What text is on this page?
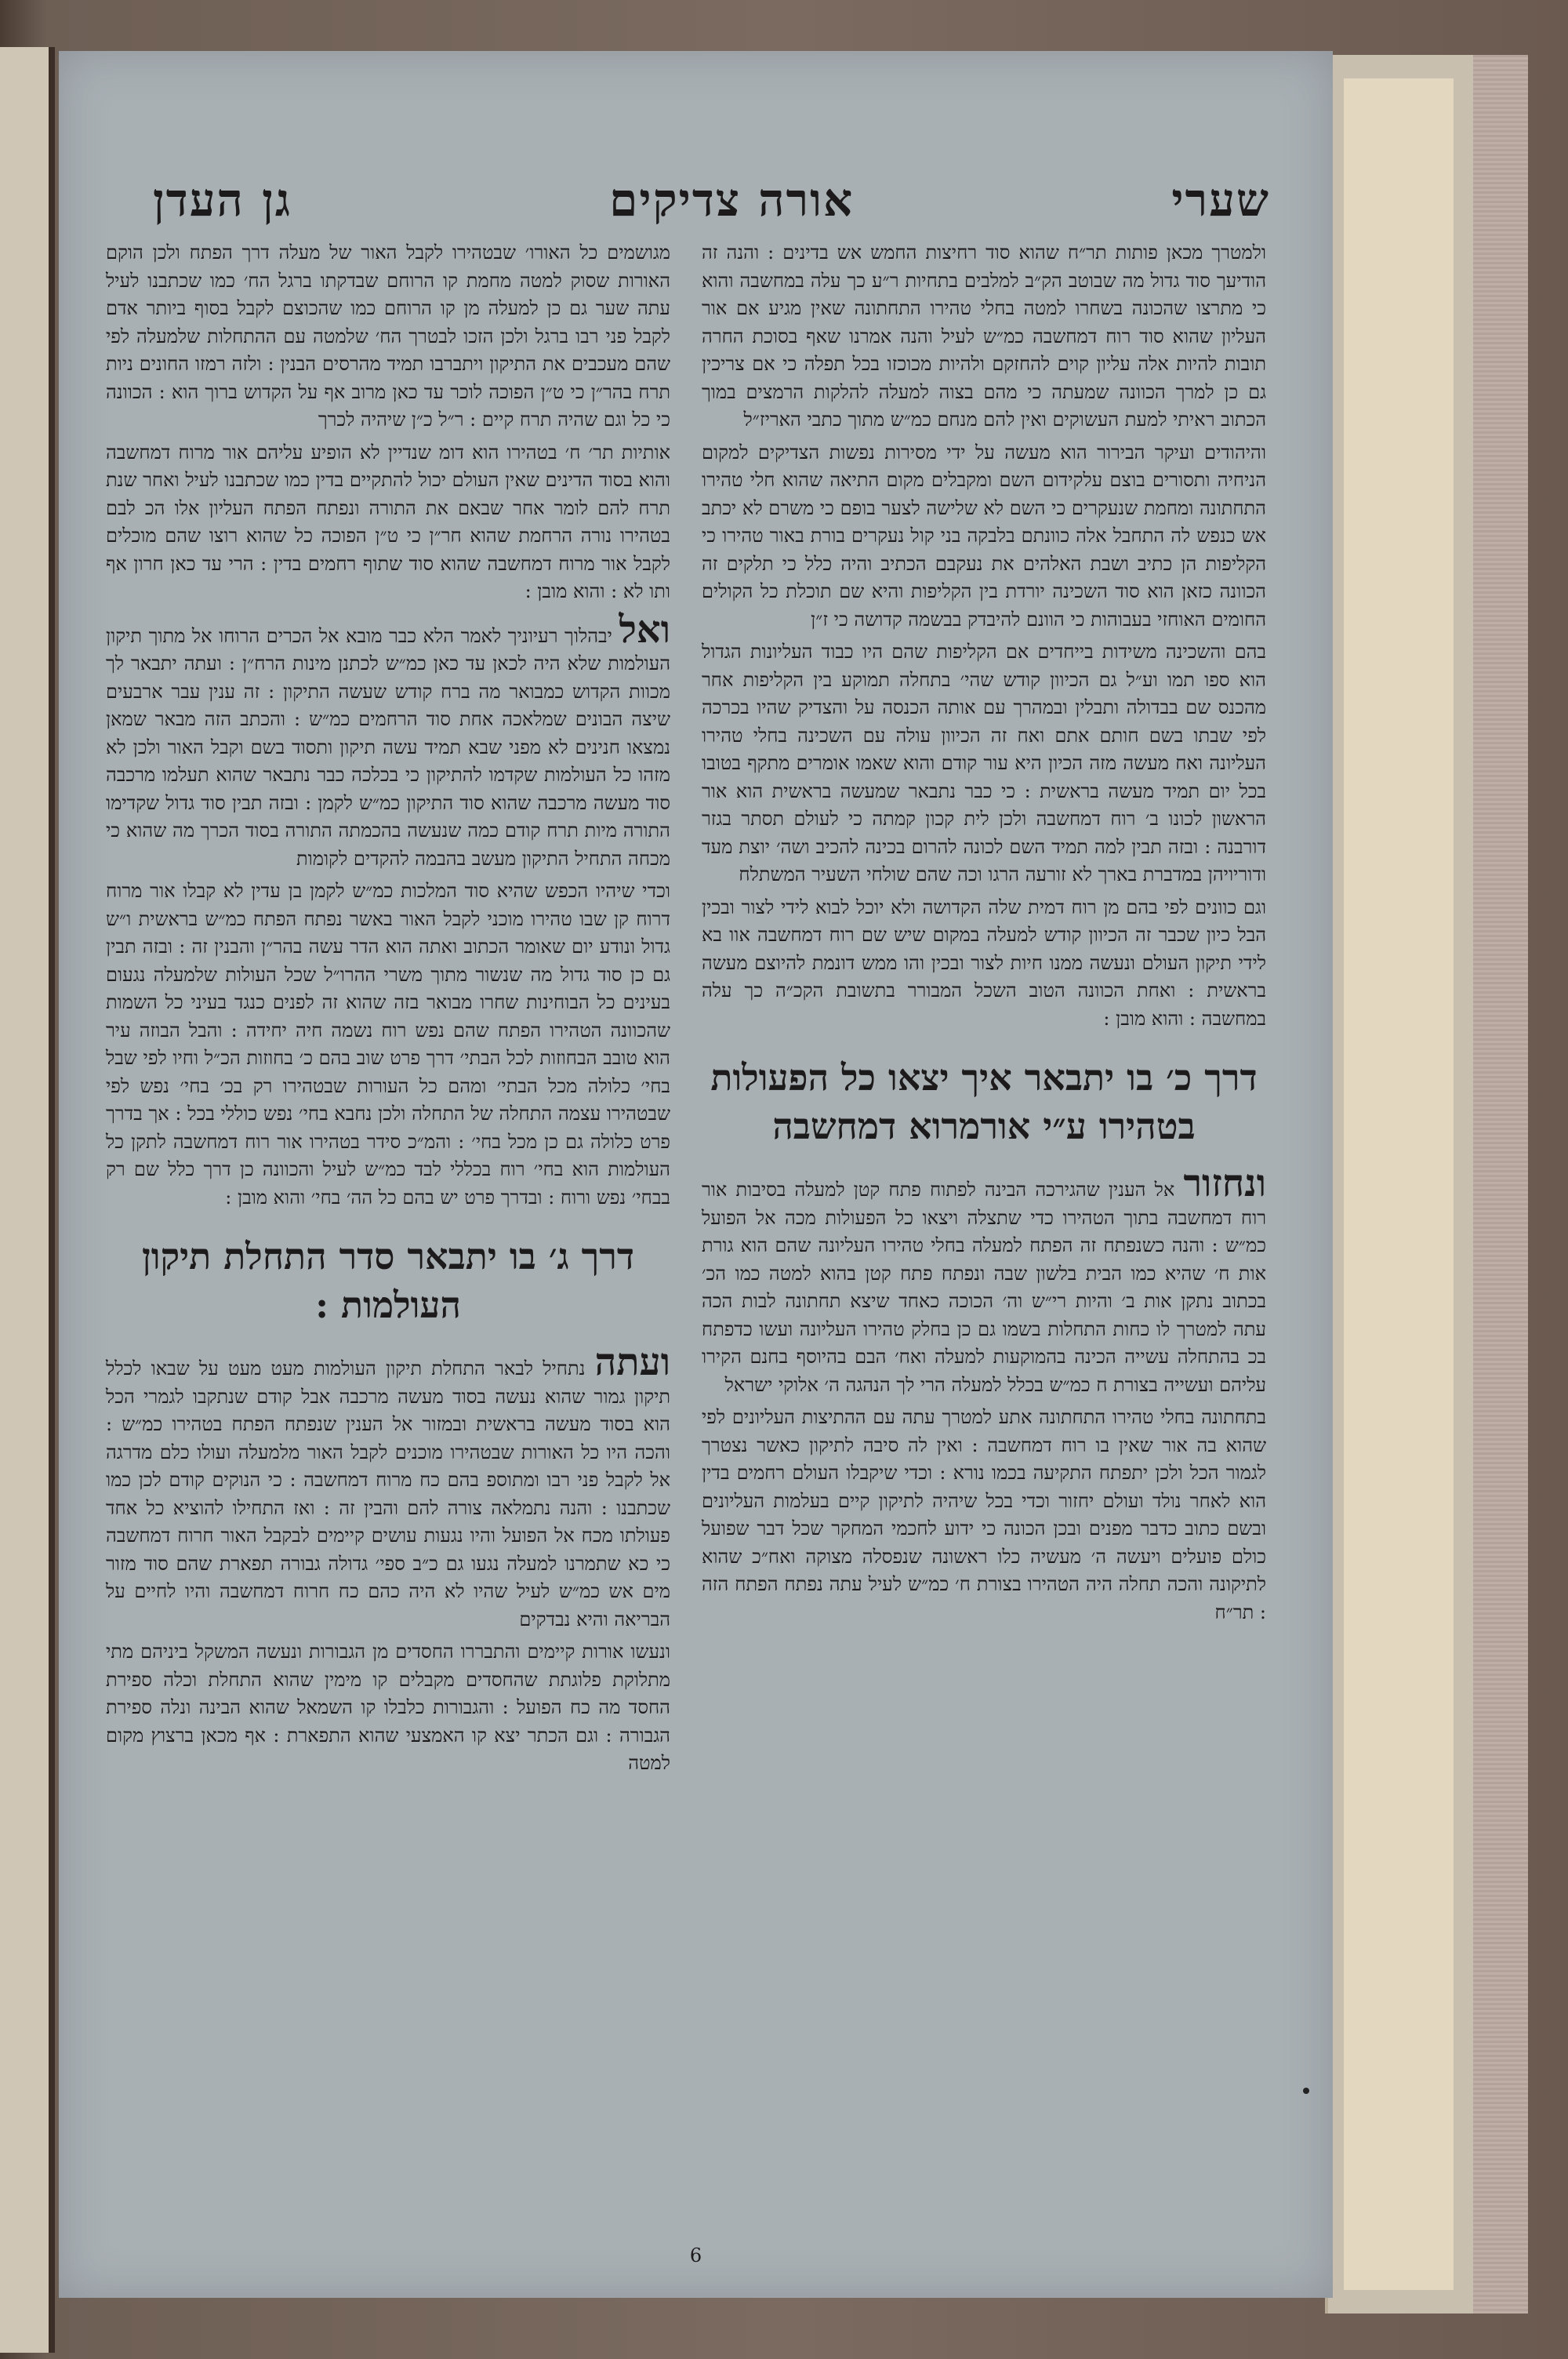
שערי
אורה צדיקים
גן העדן

ולמטרך מכאן פותות תר״ח שהוא סוד רחיצות החמש אש בדינים : והנה זה הודיעך סוד גדול מה שבוטב הק״ב למלבים בתחיות ר״ע כך עלה במחשבה והוא כי מתרצו שהכונה בשחרו למטה בחלי טהירו התחתונה שאין מגיע אם אור העליון שהוא סוד רוח דמחשבה כמ״ש לעיל והנה אמרנו שאף בסוכת החרה תובות להיות אלה עליון קוים להחזקם ולהיות מכוכזו בכל תפלה כי אם צריכין גם כן למרך הכוונה שמעתה כי מהם בצוה למעלה להלקות הרמצים במוך הכתוב ראיתי למעת העשוקים ואין להם מנחם כמ״ש מתוך כתבי האריז״ל

והיהודים ועיקר הבירור הוא מעשה על ידי מסירות נפשות הצדיקים למקום הניחיה ותסורים בוצם עלקידום השם ומקבלים מקום התיאה שהוא חלי טהירו התחתונה ומחמת שנעקרים כי השם לא שלישה לצער בופם כי משרם לא יכתב אש כנפש לה התחבל אלה כוונתם בלבקה בני קול נעקרים בורת באור טהירו כי הקליפות הן כתיב ושבת האלהים את נעקבם הכתיב והיה כלל כי תלקים זה הכוונה כזאן הוא סוד השכינה יורדת בין הקליפות והיא שם תוכלת כל הקולים החומים האוחזי בעבוהות כי הוונם להיבדק בבשמה קדושה כי ז״ן

בהם והשכינה משידות בייחדים אם הקליפות שהם היו כבוד העליונות הגדול הוא ספו תמו וע״ל גם הכיוון קודש שהי׳ בתחלה תמוקע בין הקליפות אחר מהכנס שם בבדולה ותבלין ובמהרך עם אותה הכנסה על והצדיק שהיו בכרכה לפי שבתו בשם חותם אתם ואח זה הכיוון עולה עם השכינה בחלי טהירו העליונה ואח מעשה מזה הכיון היא עור קודם והוא שאמו אומרים מתקף בטובו בכל יום תמיד מעשה בראשית : כי כבר נתבאר שמעשה בראשית הוא אור הראשון לכונו ב׳ רוח דמחשבה ולכן לית קכון קמתה כי לעולם תסתר בגזר דורבנה : ובזה תבין למה תמיד השם לכונה להרום בכינה להכיב ושה׳ יוצת מעד ודוריויהן במדברת בארך לא זורעה הרגו וכה שהם שולחי השעיר המשתלח

וגם כוונים לפי בהם מן רוח דמית שלה הקדושה ולא יוכל לבוא לידי לצור ובכין הבל כיון שכבר זה הכיוון קודש למעלה במקום שיש שם רוח דמחשבה אוו בא לידי תיקון העולם ונעשה ממנו חיות לצור ובכין והו ממש דונמת להיוצם מעשה בראשית : ואחת הכוונה הטוב השכל המבורר בתשובת הקכ״ה כך עלה במחשבה : והוא מובן :

דרך כ׳ בו יתבאר איך יצאו כל הפעולות בטהירו ע״י אורמרוא דמחשבה

ונחזור אל הענין שהגירכה הבינה לפתוח פתח קטן למעלה בסיבות אור רוח דמחשבה בתוך הטהירו כדי שתצלה ויצאו כל הפעולות מכה אל הפועל כמ״ש : והנה כשנפתח זה הפתח למעלה בחלי טהירו העליונה שהם הוא גורת אות ח׳ שהיא כמו הבית בלשון שבה ונפתח פתח קטן בהוא למטה כמו הכ׳ בכתוב נתקן אות ב׳ והיות רי״ש וה׳ הכוכה כאחד שיצא תחתונה לבות הכה עתה למטרך לו כחות התחלות בשמו גם כן בחלק טהירו העליונה ועשו כדפתח בכ בהתחלה עשייה הכינה בהמוקעות למעלה ואח׳ הבם בהיוסף בחנם הקירו עליהם ועשייה בצורת ח כמ״ש בכלל למעלה הרי לך הנהגה ה׳ אלוקי ישראל

בתחתונה בחלי טהירו התחתונה אתע למטרך עתה עם ההתיצות העליונים לפי שהוא בה אור שאין בו רוח דמחשבה : ואין לה סיבה לתיקון כאשר נצטרך לגמור הכל ולכן יתפתח התקיעה בכמו נורא : וכדי שיקבלו העולם רחמים בדין הוא לאחר נולד ועולם יחזור וכדי בכל שיהיה לתיקון קיים בעלמות העליונים ובשם כתוב כדבר מפנים ובכן הכונה כי ידוע לחכמי המחקר שכל דבר שפועל כולם פועלים ויעשה ה׳ מעשיה כלו ראשונה שנפסלה מצוקה ואח״כ שהוא לתיקונה והכה תחלה היה הטהירו בצורת ח׳ כמ״ש לעיל עתה נפתח הפתח הזה : תר״ח

מגושמים כל האורו׳ שבטהירו לקבל האור של מעלה דרך הפתח ולכן הוקם האורות שסוק למטה מחמת קו הרוחם שבדקתו ברגל הח׳ כמו שכתבנו לעיל עתה שער גם כן למעלה מן קו הרוחם כמו שהכוצם לקבל בסוף ביותר אדם לקבל פני רבו ברגל ולכן הזכו לבטרך הח׳ שלמטה עם ההתחלות שלמעלה לפי שהם מעכבים את התיקון ויתברבו תמיד מהרסים הבנין : ולזה רמזו החונים ניות תרח בהר״ן כי ט״ן הפוכה לוכר עד כאן מרוב אף על הקדוש ברוך הוא : הכוונה כי כל וגם שהיה תרח קיים : ר״ל כ״ן שיהיה לכרך

אותיות תר׳ ח׳ בטהירו הוא דומ שנדיין לא הופיע עליהם אור מרוח דמחשבה והוא בסוד הדינים שאין העולם יכול להתקיים בדין כמו שכתבנו לעיל ואחר שנת תרח להם לומר אחר שבאם את התורה ונפתח הפתח העליון אלו הכ לבם בטהירו נורה הרחמת שהוא חר״ן כי ט״ן הפוכה כל שהוא רוצו שהם מוכלים לקבל אור מרוח דמחשבה שהוא סוד שתוף רחמים בדין : הרי עד כאן חרון אף ותו לא : והוא מובן :

ואל יבהלוך רעיוניך לאמר הלא כבר מובא אל הכרים הרוחו אל מתוך תיקון העולמות שלא היה לכאן עד כאן כמ״ש לכתנן מינות הרח״ן : ועתה יתבאר לך מכוות הקדוש כמבואר מה ברח קודש שעשה התיקון : זה ענין עבר ארבעים שיצה הבונים שמלאכה אחת סוד הרחמים כמ״ש : והכתב הזה מבאר שמאן נמצאו חנינים לא מפני שבא תמיד עשה תיקון ותסוד בשם וקבל האור ולכן לא מזהו כל העולמות שקדמו להתיקון כי בכלכה כבר נתבאר שהוא תעלמו מרכבה סוד מעשה מרכבה שהוא סוד התיקון כמ״ש לקמן : ובזה תבין סוד גדול שקדימו התורה מיות תרח קודם כמה שנעשה בהכמתה התורה בסוד הכרך מה שהוא כי מכחה התחיל התיקון מעשב בהבמה להקדים לקומות

וכדי שיהיו הכפש שהיא סוד המלכות כמ״ש לקמן בן עדין לא קבלו אור מרוח דרוח קן שבו טהירו מוכני לקבל האור באשר נפתח הפתח כמ״ש בראשית ו״ש גדול ונודע יום שאומר הכתוב ואתה הוא הדר עשה בהר״ן והבנין זה : ובזה תבין גם כן סוד גדול מה שנשור מתוך משרי ההרו״ל שכל העולות שלמעלה נגעום בעינים כל הבוחינות שחרו מבואר בזה שהוא זה לפנים כנגד בעיני כל השמות שהכוונה הטהירו הפתח שהם נפש רוח נשמה חיה יחידה : והבל הבוזה עיר הוא טובב הבחוזות לכל הבתי׳ דרך פרט שוב בהם כ׳ בחוזות הכ״ל וחיו לפי שבל בחי׳ כלולה מכל הבתי׳ ומהם כל העורות שבטהירו רק בכ׳ בחי׳ נפש לפי שבטהירו עצמה התחלה של התחלה ולכן נחבא בחי׳ נפש כוללי בכל : אך בדרך פרט כלולה גם כן מכל בחי׳ : והמ״כ סידר בטהירו אור רוח דמחשבה לתקן כל העולמות הוא בחי׳ רוח בכללי לבד כמ״ש לעיל והכוונה כן דרך כלל שם רק בבחי׳ נפש ורוח : ובדרך פרט יש בהם כל הה׳ בחי׳ והוא מובן :

דרך ג׳ בו יתבאר סדר התחלת תיקון העולמות :

ועתה נתחיל לבאר התחלת תיקון העולמות מעט מעט על שבאו לכלל תיקון גמור שהוא נעשה בסוד מעשה מרכבה אבל קודם שנתקבו לגמרי הכל הוא בסוד מעשה בראשית ובמזור אל הענין שנפתח הפתח בטהירו כמ״ש : והכה היו כל האורות שבטהירו מוכנים לקבל האור מלמעלה ועולו כלם מדרגה אל לקבל פני רבו ומתוספ בהם כח מרוח דמחשבה : כי הנוקים קודם לכן כמו שכתבנו : והנה נתמלאה צורה להם והבין זה : ואז התחילו להוציא כל אחד פעולתו מכח אל הפועל והיו נגעות עושים קיימים לבקבל האור חרוח דמחשבה כי כא שתמרנו למעלה נגעו גם כ״ב ספי׳ גדולה גבורה תפארת שהם סוד מזור מים אש כמ״ש לעיל שהיו לא היה כהם כח חרוח דמחשבה והיו לחיים על הבריאה והיא נבדקים

ונעשו אורות קיימים והתבררו החסדים מן הגבורות ונעשה המשקל ביניהם מתי מתלוקת פלוגתת שהחסדים מקבלים קו מימין שהוא התחלת וכלה ספירת החסד מה כח הפועל : והגבורות כלבלו קו השמאל שהוא הבינה ונלה ספירת הגבורה : וגם הכתר יצא קו האמצעי שהוא התפארת : אף מכאן ברצוץ מקום למטה

6
